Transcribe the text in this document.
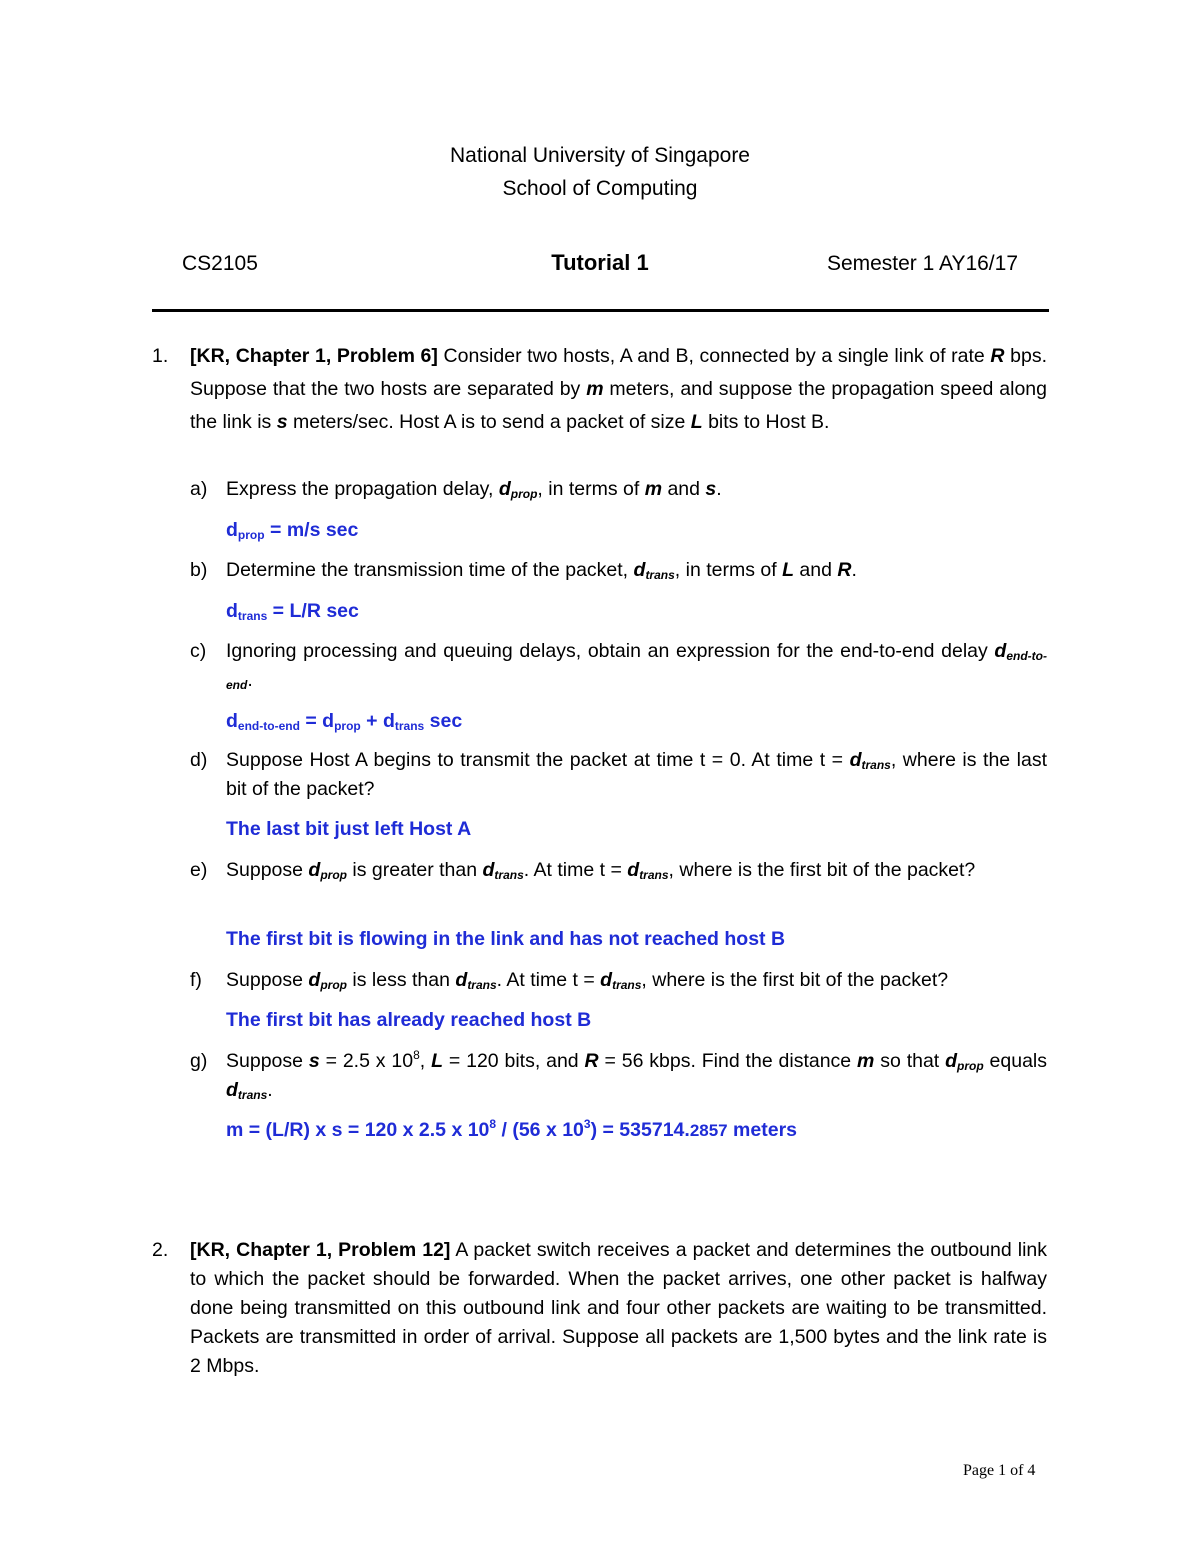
National University of Singapore
School of Computing
CS2105	Tutorial 1	Semester 1 AY16/17
1. [KR, Chapter 1, Problem 6] Consider two hosts, A and B, connected by a single link of rate R bps. Suppose that the two hosts are separated by m meters, and suppose the propagation speed along the link is s meters/sec. Host A is to send a packet of size L bits to Host B.
a) Express the propagation delay, $d_{prop}$, in terms of m and s.
$d_{prop} = m/s$ sec
b) Determine the transmission time of the packet, $d_{trans}$, in terms of L and R.
$d_{trans} = L/R$ sec
c) Ignoring processing and queuing delays, obtain an expression for the end-to-end delay $d_{end-to-end}$.
$d_{end-to-end} = d_{prop} + d_{trans}$ sec
d) Suppose Host A begins to transmit the packet at time t = 0. At time $t = d_{trans}$, where is the last bit of the packet?
The last bit just left Host A
e) Suppose $d_{prop}$ is greater than $d_{trans}$. At time $t = d_{trans}$, where is the first bit of the packet?
The first bit is flowing in the link and has not reached host B
f) Suppose $d_{prop}$ is less than $d_{trans}$. At time $t = d_{trans}$, where is the first bit of the packet?
The first bit has already reached host B
g) Suppose s = 2.5 x $10^8$, L = 120 bits, and R = 56 kbps. Find the distance m so that $d_{prop}$ equals $d_{trans}$.
m = (L/R) x s = 120 x 2.5 x $10^8 / (56$ x $10^3) = 535714.2857$ meters
2. [KR, Chapter 1, Problem 12] A packet switch receives a packet and determines the outbound link to which the packet should be forwarded. When the packet arrives, one other packet is halfway done being transmitted on this outbound link and four other packets are waiting to be transmitted. Packets are transmitted in order of arrival. Suppose all packets are 1,500 bytes and the link rate is 2 Mbps.
Page 1 of 4
